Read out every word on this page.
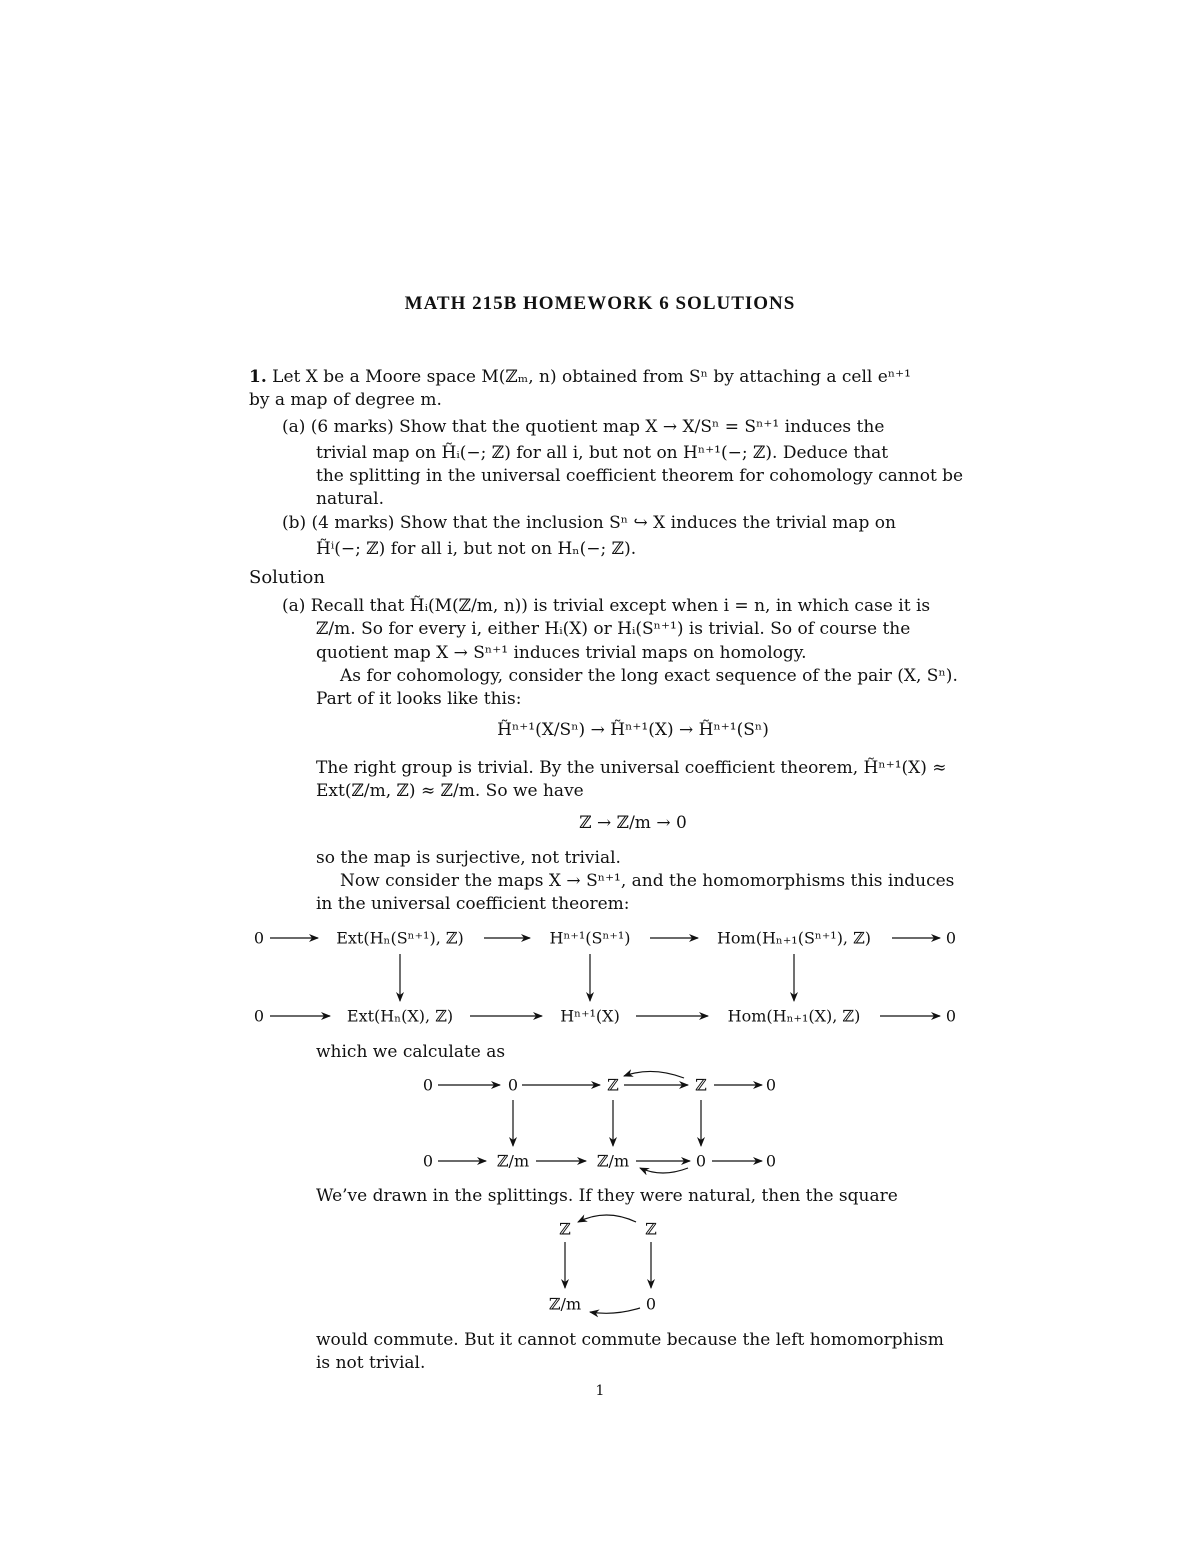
MATH 215B HOMEWORK 6 SOLUTIONS
1. Let X be a Moore space M(ℤₘ, n) obtained from Sⁿ by attaching a cell eⁿ⁺¹
by a map of degree m.
(a) (6 marks) Show that the quotient map X → X/Sⁿ = Sⁿ⁺¹ induces the
trivial map on H̃ᵢ(−; ℤ) for all i, but not on Hⁿ⁺¹(−; ℤ). Deduce that
the splitting in the universal coefficient theorem for cohomology cannot be
natural.
(b) (4 marks) Show that the inclusion Sⁿ ↪ X induces the trivial map on
H̃ⁱ(−; ℤ) for all i, but not on Hₙ(−; ℤ).
Solution
(a) Recall that H̃ᵢ(M(ℤ/m, n)) is trivial except when i = n, in which case it is
ℤ/m. So for every i, either Hᵢ(X) or Hᵢ(Sⁿ⁺¹) is trivial. So of course the
quotient map X → Sⁿ⁺¹ induces trivial maps on homology.
As for cohomology, consider the long exact sequence of the pair (X, Sⁿ).
Part of it looks like this:
H̃ⁿ⁺¹(X/Sⁿ) → H̃ⁿ⁺¹(X) → H̃ⁿ⁺¹(Sⁿ)
The right group is trivial. By the universal coefficient theorem, H̃ⁿ⁺¹(X) ≈
Ext(ℤ/m, ℤ) ≈ ℤ/m. So we have
ℤ → ℤ/m → 0
so the map is surjective, not trivial.
Now consider the maps X → Sⁿ⁺¹, and the homomorphisms this induces
in the universal coefficient theorem:
0	Ext(Hₙ(Sⁿ⁺¹), ℤ)	Hⁿ⁺¹(Sⁿ⁺¹)	Hom(Hₙ₊₁(Sⁿ⁺¹), ℤ)	0
0	Ext(Hₙ(X), ℤ)	Hⁿ⁺¹(X)	Hom(Hₙ₊₁(X), ℤ)	0
which we calculate as
0	0	ℤ	ℤ	0
0	ℤ/m	ℤ/m	0	0
We’ve drawn in the splittings. If they were natural, then the square
ℤ	ℤ
ℤ/m	0
would commute. But it cannot commute because the left homomorphism
is not trivial.
1
